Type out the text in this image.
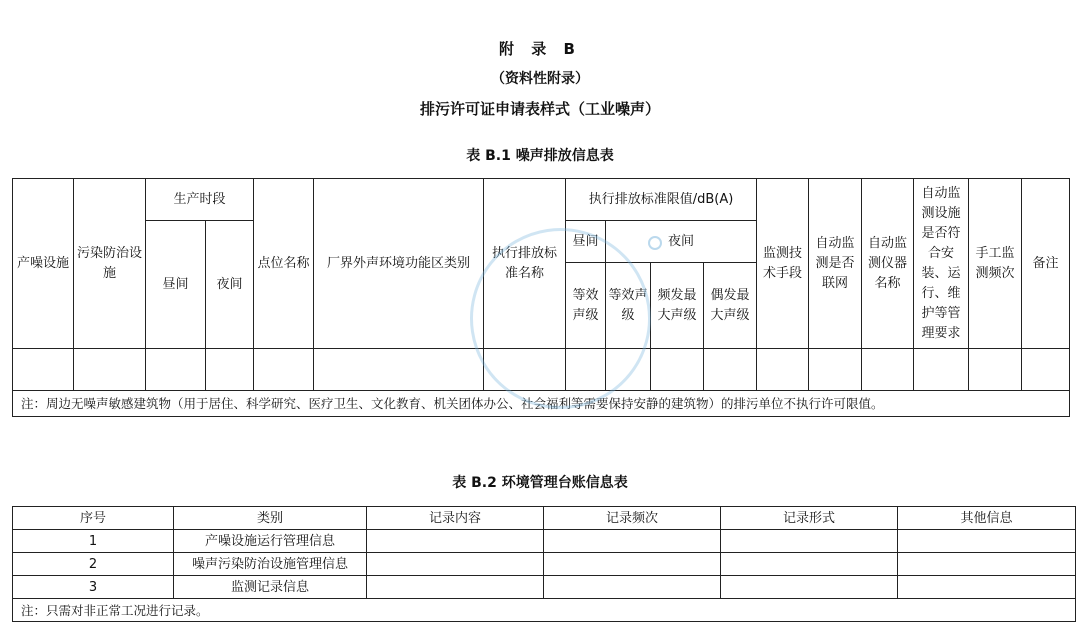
附 录 B
（资料性附录）
排污许可证申请表样式（工业噪声）
表 B.1 噪声排放信息表
产噪设施	污染防治设施	生产时段		点位名称	厂界外声环境功能区类别	执行排放标准名称	执行排放标准限值/dB(A)				监测技术手段	自动监测是否联网	自动监测仪器名称	自动监测设施是否符合安装、运行、维护等管理要求	手工监测频次	备注
		昼间	夜间				昼间	夜间								
							等效声级	等效声级	频发最大声级	偶发最大声级						

注：周边无噪声敏感建筑物（用于居住、科学研究、医疗卫生、文化教育、机关团体办公、社会福利等需要保持安静的建筑物）的排污单位不执行许可限值。																
表 B.2 环境管理台账信息表
序号	类别	记录内容	记录频次	记录形式	其他信息
1	产噪设施运行管理信息				
2	噪声污染防治设施管理信息				
3	监测记录信息				
注：只需对非正常工况进行记录。					
